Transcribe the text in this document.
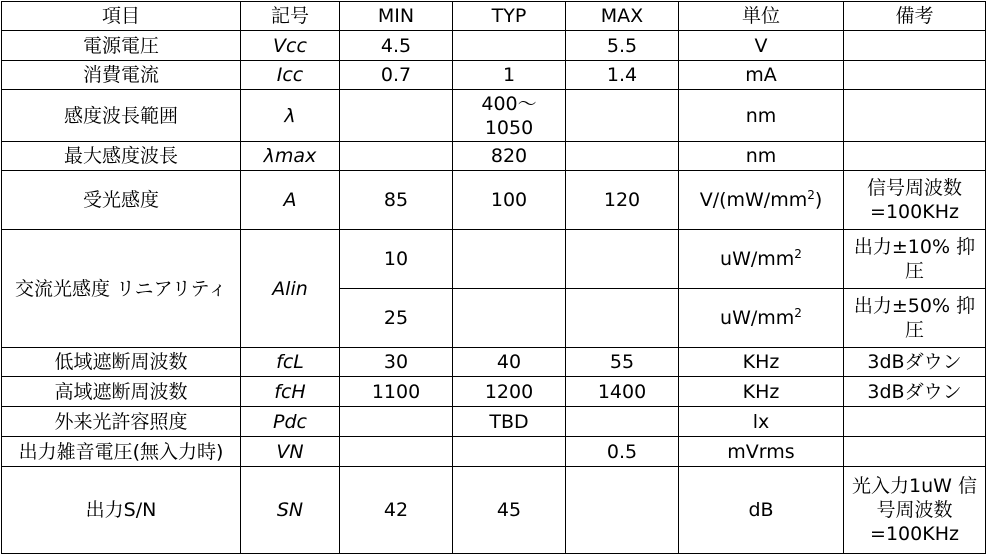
項目	記号	MIN	TYP	MAX	単位	備考
電源電圧	Vcc	4.5		5.5	V	
消費電流	Icc	0.7	1	1.4	mA	
感度波長範囲	λ		400～ 1050		nm	
最大感度波長	λmax		820		nm	
受光感度	A	85	100	120	$V/(mW/mm^2)$	信号周波数 =100KHz
交流光感度 リニアリティ	Alin	10			$uW/mm^2$	出力±10% 抑圧
		25			$uW/mm^2$	出力±50% 抑圧
低域遮断周波数	fcL	30	40	55	KHz	3dBダウン
高域遮断周波数	fcH	1100	1200	1400	KHz	3dBダウン
外来光許容照度	Pdc		TBD		lx	
出力雑音電圧(無入力時)	VN			0.5	mVrms	
出力S/N	SN	42	45		dB	光入力1uW 信号周波数 =100KHz
